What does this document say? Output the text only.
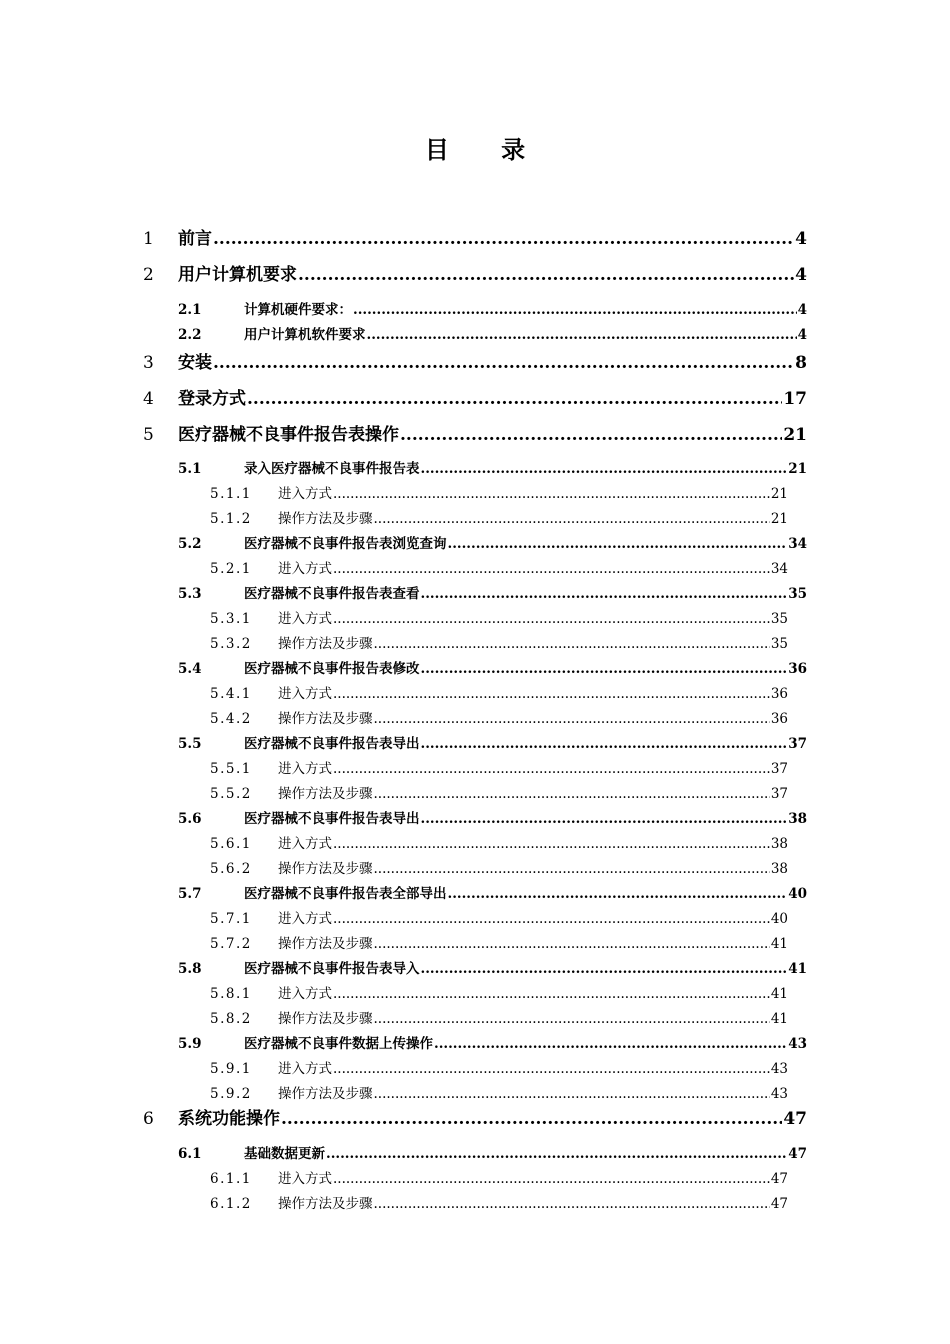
目 录
1	前言 .....	4
2	用户计算机要求 .....	4
2.1	计算机硬件要求： .....	4
2.2	用户计算机软件要求 .....	4
3	安装 .....	8
4	登录方式 .....	17
5	医疗器械不良事件报告表操作 .....	21
5.1	录入医疗器械不良事件报告表 .....	21
5.1.1	进入方式 .....	21
5.1.2	操作方法及步骤 .....	21
5.2	医疗器械不良事件报告表浏览查询 .....	34
5.2.1	进入方式 .....	34
5.3	医疗器械不良事件报告表查看 .....	35
5.3.1	进入方式 .....	35
5.3.2	操作方法及步骤 .....	35
5.4	医疗器械不良事件报告表修改 .....	36
5.4.1	进入方式 .....	36
5.4.2	操作方法及步骤 .....	36
5.5	医疗器械不良事件报告表导出 .....	37
5.5.1	进入方式 .....	37
5.5.2	操作方法及步骤 .....	37
5.6	医疗器械不良事件报告表导出 .....	38
5.6.1	进入方式 .....	38
5.6.2	操作方法及步骤 .....	38
5.7	医疗器械不良事件报告表全部导出 .....	40
5.7.1	进入方式 .....	40
5.7.2	操作方法及步骤 .....	41
5.8	医疗器械不良事件报告表导入 .....	41
5.8.1	进入方式 .....	41
5.8.2	操作方法及步骤 .....	41
5.9	医疗器械不良事件数据上传操作 .....	43
5.9.1	进入方式 .....	43
5.9.2	操作方法及步骤 .....	43
6	系统功能操作 .....	47
6.1	基础数据更新 .....	47
6.1.1	进入方式 .....	47
6.1.2	操作方法及步骤 .....	47
